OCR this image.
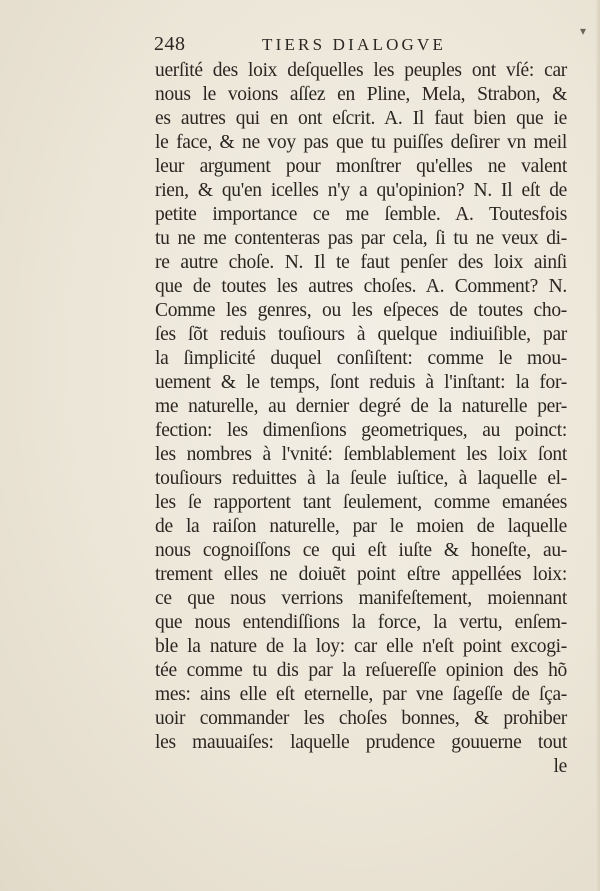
▾
248	TIERS DIALOGVE
uerſité des loix deſquelles les peuples ont vſé: car
nous le voions aſſez en Pline, Mela, Strabon, &
es autres qui en ont eſcrit. A. Il faut bien que ie
le face, & ne voy pas que tu puiſſes deſirer vn meil
leur argument pour monſtrer qu'elles ne valent
rien, & qu'en icelles n'y a qu'opinion? N. Il eſt de
petite importance ce me ſemble. A. Toutesfois
tu ne me contenteras pas par cela, ſi tu ne veux di-
re autre choſe. N. Il te faut penſer des loix ainſi
que de toutes les autres choſes. A. Comment? N.
Comme les genres, ou les eſpeces de toutes cho-
ſes ſõt reduis touſiours à quelque indiuiſible, par
la ſimplicité duquel conſiſtent: comme le mou-
uement & le temps, ſont reduis à l'inſtant: la for-
me naturelle, au dernier degré de la naturelle per-
fection: les dimenſions geometriques, au poinct:
les nombres à l'vnité: ſemblablement les loix ſont
touſiours reduittes à la ſeule iuſtice, à laquelle el-
les ſe rapportent tant ſeulement, comme emanées
de la raiſon naturelle, par le moien de laquelle
nous cognoiſſons ce qui eſt iuſte & honeſte, au-
trement elles ne doiuẽt point eſtre appellées loix:
ce que nous verrions manifeſtement, moiennant
que nous entendiſſions la force, la vertu, enſem-
ble la nature de la loy: car elle n'eſt point excogi-
tée comme tu dis par la reſuereſſe opinion des hõ
mes: ains elle eſt eternelle, par vne ſageſſe de ſça-
uoir commander les choſes bonnes, & prohiber
les mauuaiſes: laquelle prudence gouuerne tout
le
